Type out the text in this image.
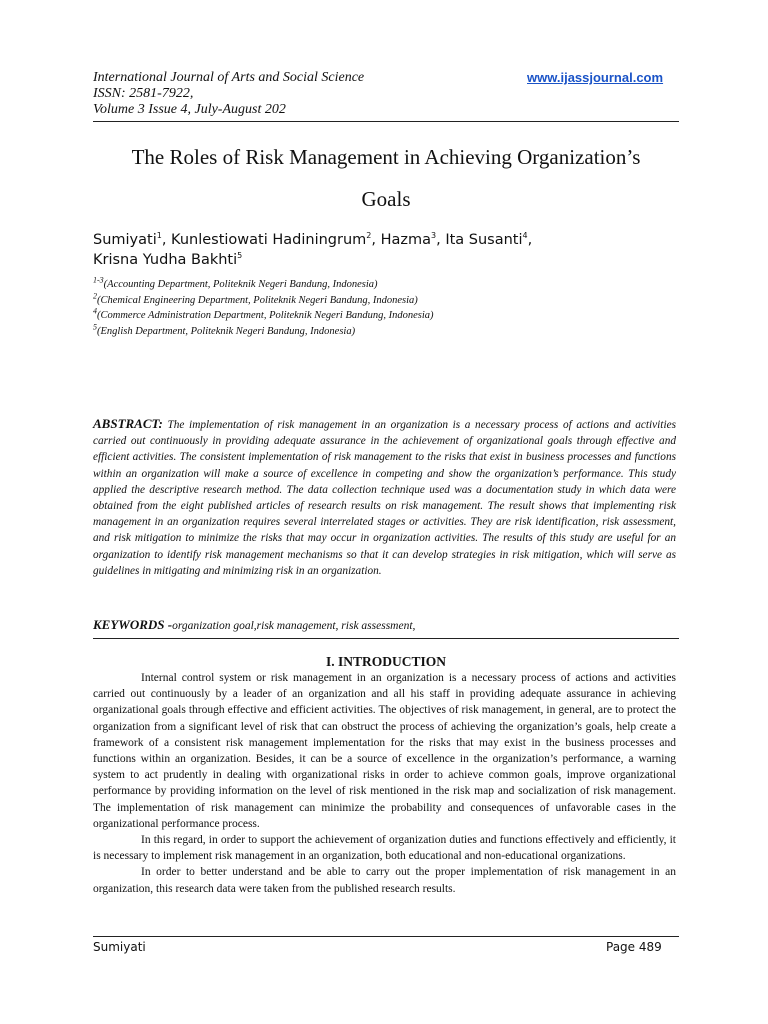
International Journal of Arts and Social Science
ISSN: 2581-7922,
Volume 3 Issue 4, July-August 202
www.ijassjournal.com
The Roles of Risk Management in Achieving Organization’s
Goals
Sumiyati$^1$, Kunlestiowati Hadiningrum$^2$, Hazma$^3$, Ita Susanti$^4$,
Krisna Yudha Bakhti$^5$
$^{1-3}$(Accounting Department, Politeknik Negeri Bandung, Indonesia)
$^2$(Chemical Engineering Department, Politeknik Negeri Bandung, Indonesia)
$^4$(Commerce Administration Department, Politeknik Negeri Bandung, Indonesia)
$^5$(English Department, Politeknik Negeri Bandung, Indonesia)
ABSTRACT: The implementation of risk management in an organization is a necessary process of actions and activities carried out continuously in providing adequate assurance in the achievement of organizational goals through effective and efficient activities. The consistent implementation of risk management to the risks that exist in business processes and functions within an organization will make a source of excellence in competing and show the organization’s performance. This study applied the descriptive research method. The data collection technique used was a documentation study in which data were obtained from the eight published articles of research results on risk management. The result shows that implementing risk management in an organization requires several interrelated stages or activities. They are risk identification, risk assessment, and risk mitigation to minimize the risks that may occur in organization activities. The results of this study are useful for an organization to identify risk management mechanisms so that it can develop strategies in risk mitigation, which will serve as guidelines in mitigating and minimizing risk in an organization.
KEYWORDS -organization goal,risk management, risk assessment,
I. INTRODUCTION

Internal control system or risk management in an organization is a necessary process of actions and activities carried out continuously by a leader of an organization and all his staff in providing adequate assurance in achieving organizational goals through effective and efficient activities. The objectives of risk management, in general, are to protect the organization from a significant level of risk that can obstruct the process of achieving the organization’s goals, help create a framework of a consistent risk management implementation for the risks that may exist in the business processes and functions within an organization. Besides, it can be a source of excellence in the organization’s performance, a warning system to act prudently in dealing with organizational risks in order to achieve common goals, improve organizational performance by providing information on the level of risk mentioned in the risk map and socialization of risk management. The implementation of risk management can minimize the probability and consequences of unfavorable cases in the organizational performance process.

In this regard, in order to support the achievement of organization duties and functions effectively and efficiently, it is necessary to implement risk management in an organization, both educational and non-educational organizations.

In order to better understand and be able to carry out the proper implementation of risk management in an organization, this research data were taken from the published research results.

Sumiyati	Page 489
